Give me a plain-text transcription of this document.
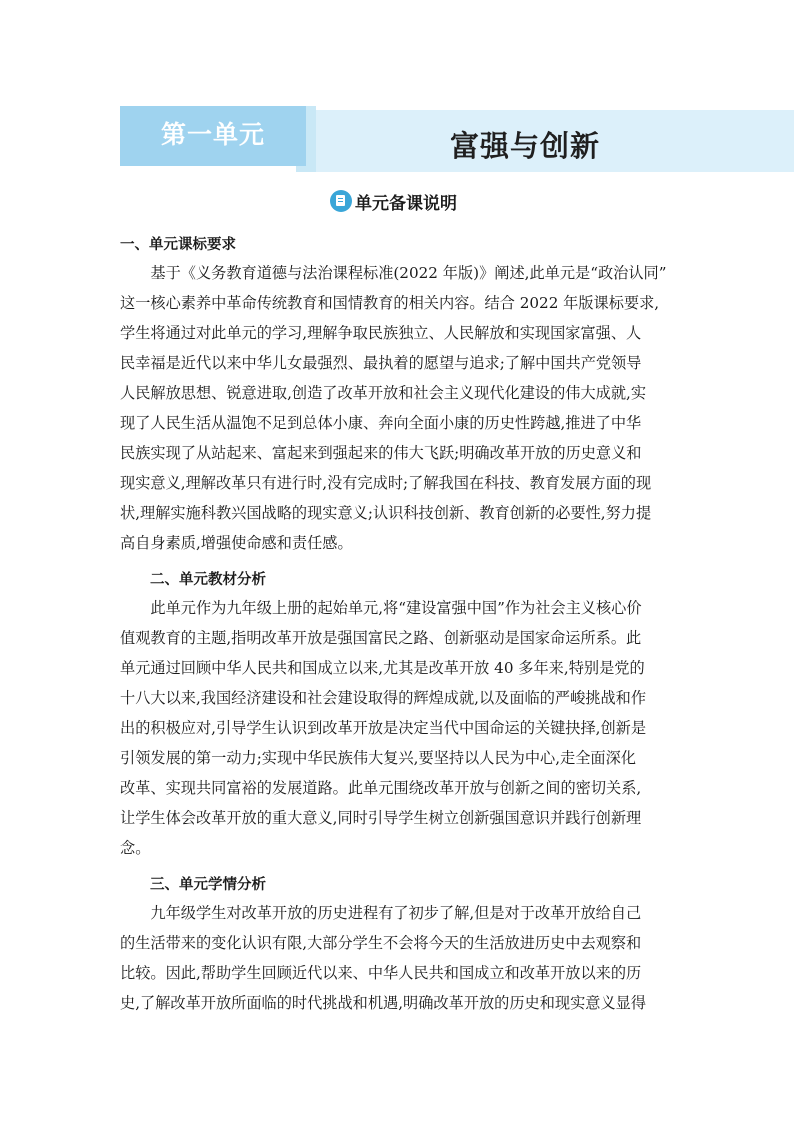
第一单元	富强与创新
单元备课说明
一、单元课标要求
　　基于《义务教育道德与法治课程标准(2022 年版)》阐述,此单元是“政治认同”
这一核心素养中革命传统教育和国情教育的相关内容。结合 2022 年版课标要求,
学生将通过对此单元的学习,理解争取民族独立、人民解放和实现国家富强、人
民幸福是近代以来中华儿女最强烈、最执着的愿望与追求;了解中国共产党领导
人民解放思想、锐意进取,创造了改革开放和社会主义现代化建设的伟大成就,实
现了人民生活从温饱不足到总体小康、奔向全面小康的历史性跨越,推进了中华
民族实现了从站起来、富起来到强起来的伟大飞跃;明确改革开放的历史意义和
现实意义,理解改革只有进行时,没有完成时;了解我国在科技、教育发展方面的现
状,理解实施科教兴国战略的现实意义;认识科技创新、教育创新的必要性,努力提
高自身素质,增强使命感和责任感。
二、单元教材分析
　　此单元作为九年级上册的起始单元,将“建设富强中国”作为社会主义核心价
值观教育的主题,指明改革开放是强国富民之路、创新驱动是国家命运所系。此
单元通过回顾中华人民共和国成立以来,尤其是改革开放 40 多年来,特别是党的
十八大以来,我国经济建设和社会建设取得的辉煌成就,以及面临的严峻挑战和作
出的积极应对,引导学生认识到改革开放是决定当代中国命运的关键抉择,创新是
引领发展的第一动力;实现中华民族伟大复兴,要坚持以人民为中心,走全面深化
改革、实现共同富裕的发展道路。此单元围绕改革开放与创新之间的密切关系,
让学生体会改革开放的重大意义,同时引导学生树立创新强国意识并践行创新理
念。
三、单元学情分析
　　九年级学生对改革开放的历史进程有了初步了解,但是对于改革开放给自己
的生活带来的变化认识有限,大部分学生不会将今天的生活放进历史中去观察和
比较。因此,帮助学生回顾近代以来、中华人民共和国成立和改革开放以来的历
史,了解改革开放所面临的时代挑战和机遇,明确改革开放的历史和现实意义显得
